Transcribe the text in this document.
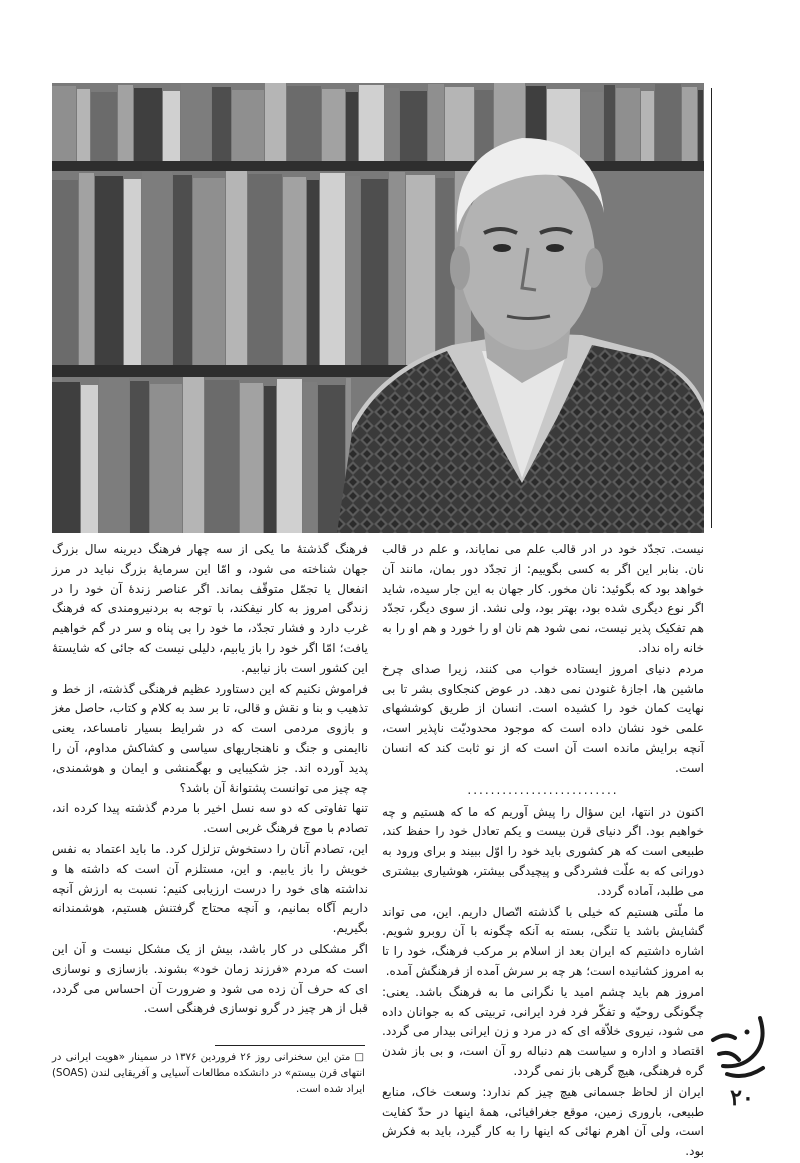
نیست. تجدّد خود در ادر قالب علم می نمایاند، و علم در قالب نان. بنابر این اگر به کسی بگوییم: از تجدّد دور بمان، مانند آن خواهد بود که بگوئید: نان مخور. کار جهان به این جار سیده، شاید اگر نوع دیگری شده بود، بهتر بود، ولی نشد. از سوی دیگر، تجدّد هم تفکیک پذیر نیست، نمی شود هم نان او را خورد و هم او را به خانه راه نداد.

مردم دنیای امروز ایستاده خواب می کنند، زیرا صدای چرخ ماشین ها، اجازهٔ غنودن نمی دهد. در عوض کنجکاوی بشر تا بی نهایت کمان خود را کشیده است. انسان از طریق کوششهای علمی خود نشان داده است که موجود محدودیّت ناپذیر است، آنچه برایش مانده است آن است که از نو ثابت کند که انسان است.

..........................

اکنون در انتها، این سؤال را پیش آوریم که ما که هستیم و چه خواهیم بود. اگر دنیای قرن بیست و یکم تعادل خود را حفظ کند، طبیعی است که هر کشوری باید خود را اوّل ببیند و برای ورود به دورانی که به علّت فشردگی و پیچیدگی بیشتر، هوشیاری بیشتری می طلبد، آماده گردد.

ما ملّتی هستیم که خیلی با گذشته اتّصال داریم. این، می تواند گشایش باشد یا تنگی، بسته به آنکه چگونه با آن روبرو شویم. اشاره داشتیم که ایران بعد از اسلام بر مرکب فرهنگ، خود را تا به امروز کشانیده است؛ هر چه بر سرش آمده از فرهنگش آمده.

امروز هم باید چشم امید یا نگرانی ما به فرهنگ باشد. یعنی: چگونگی روحیّه و تفکّر فرد فرد ایرانی، تربیتی که به جوانان داده می شود، نیروی خلاّقه ای که در مرد و زن ایرانی بیدار می گردد. اقتصاد و اداره و سیاست هم دنباله رو آن است، و بی باز شدن گره فرهنگی، هیچ گرهی باز نمی گردد.

ایران از لحاظ جسمانی هیچ چیز کم ندارد: وسعت خاک، منابع طبیعی، باروری زمین، موقع جغرافیائی، همهٔ اینها در حدّ کفایت است، ولی آن اهرم نهائی که اینها را به کار گیرد، باید به فکرش بود.

فرهنگ گذشتهٔ ما یکی از سه چهار فرهنگ دیرینه سال بزرگ جهان شناخته می شود، و امّا این سرمایهٔ بزرگ نباید در مرز انفعال یا تجمّل متوقّف بماند. اگر عناصر زندهٔ آن خود را در زندگی امروز به کار نیفکند، با توجه به بردنیرومندی که فرهنگ غرب دارد و فشار تجدّد، ما خود را بی پناه و سر در گم خواهیم یافت؛ امّا اگر خود را باز یابیم، دلیلی نیست که جائی که شایستهٔ این کشور است باز نیابیم.

فراموش نکنیم که این دستاورد عظیم فرهنگی گذشته، از خط و تذهیب و بنا و نقش و قالی، تا بر سد به کلام و کتاب، حاصل مغز و بازوی مردمی است که در شرایط بسیار نامساعد، یعنی ناایمنی و جنگ و ناهنجاریهای سیاسی و کشاکش مداوم، آن را پدید آورده اند. جز شکیبایی و بهگمنشی و ایمان و هوشمندی، چه چیز می توانست پشتوانهٔ آن باشد؟

تنها تفاوتی که دو سه نسل اخیر با مردم گذشته پیدا کرده اند، تصادم با موج فرهنگ غربی است.

این، تصادم آنان را دستخوش تزلزل کرد. ما باید اعتماد به نفس خویش را باز یابیم. و این، مستلزم آن است که داشته ها و نداشته های خود را درست ارزیابی کنیم: نسبت به ارزش آنچه داریم آگاه بمانیم، و آنچه محتاج گرفتنش هستیم، هوشمندانه بگیریم.

اگر مشکلی در کار باشد، بیش از یک مشکل نیست و آن این است که مردم «فرزند زمان خود» بشوند. بازسازی و نوسازی ای که حرف آن زده می شود و ضرورت آن احساس می گردد، قبل از هر چیز در گرو نوسازی فرهنگی است.

□ متن این سخنرانی روز ۲۶ فروردین ۱۳۷۶ در سمینار «هویت ایرانی در انتهای قرن بیستم» در دانشکده مطالعات آسیایی و آفریقایی لندن (SOAS) ایراد شده است.	۲۰
